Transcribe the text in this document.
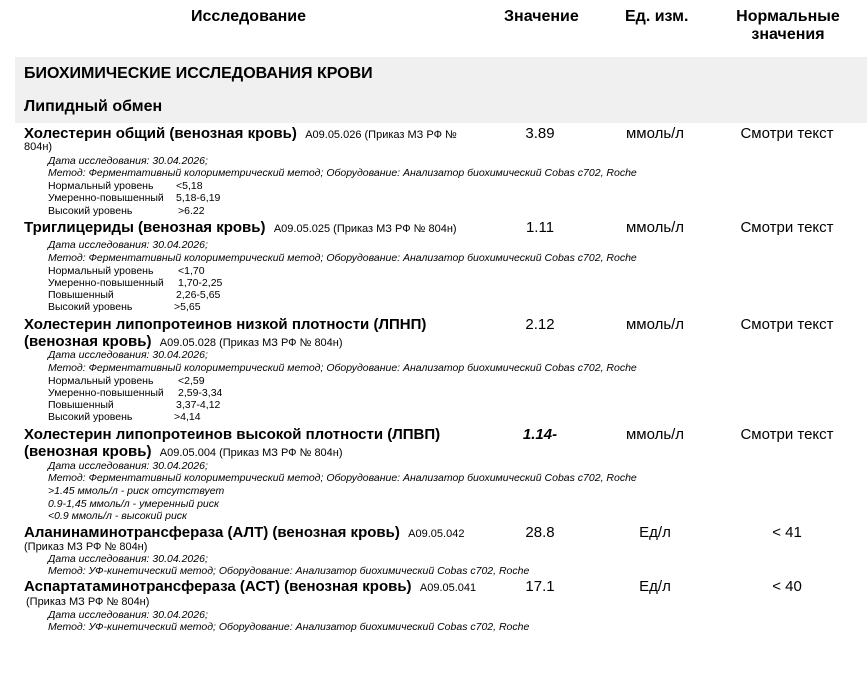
Исследование	Значение	Ед. изм.	Нормальные
значения
БИОХИМИЧЕСКИЕ ИССЛЕДОВАНИЯ КРОВИ
Липидный обмен
Холестерин общий (венозная кровь) A09.05.026 (Приказ МЗ РФ №
804н)
3.89	ммоль/л	Смотри текст
Дата исследования: 30.04.2026;
Метод: Ферментативный колориметрический метод; Оборудование: Анализатор биохимический Cobas c702, Roche
Нормальный уровень <5,18
Умеренно-повышенный 5,18-6,19
Высокий уровень	>6.22
Триглицериды (венозная кровь) A09.05.025 (Приказ МЗ РФ № 804н)	1.11	ммоль/л	Смотри текст
Дата исследования: 30.04.2026;
Метод: Ферментативный колориметрический метод; Оборудование: Анализатор биохимический Cobas c702, Roche
Нормальный уровень <1,70
Умеренно-повышенный 1,70-2,25
Повышенный	2,26-5,65
Высокий уровень	>5,65
Холестерин липопротеинов низкой плотности (ЛПНП)
(венозная кровь) A09.05.028 (Приказ МЗ РФ № 804н)
2.12	ммоль/л	Смотри текст
Дата исследования: 30.04.2026;
Метод: Ферментативный колориметрический метод; Оборудование: Анализатор биохимический Cobas c702, Roche
Нормальный уровень <2,59
Умеренно-повышенный 2,59-3,34
Повышенный	3,37-4,12
Высокий уровень	>4,14
Холестерин липопротеинов высокой плотности (ЛПВП)
(венозная кровь) A09.05.004 (Приказ МЗ РФ № 804н)
1.14-	ммоль/л	Смотри текст
Дата исследования: 30.04.2026;
Метод: Ферментативный колориметрический метод; Оборудование: Анализатор биохимический Cobas c702, Roche
>1.45 ммоль/л - риск отсутствует
0.9-1,45 ммоль/л - умеренный риск
<0.9 ммоль/л - высокий риск
Аланинаминотрансфераза (АЛТ) (венозная кровь) A09.05.042
(Приказ МЗ РФ № 804н)
28.8	Ед/л	< 41
Дата исследования: 30.04.2026;
Метод: УФ-кинетический метод; Оборудование: Анализатор биохимический Cobas c702, Roche
Аспартатаминотрансфераза (АСТ) (венозная кровь) A09.05.041
(Приказ МЗ РФ № 804н)
17.1	Ед/л	< 40
Дата исследования: 30.04.2026;
Метод: УФ-кинетический метод; Оборудование: Анализатор биохимический Cobas c702, Roche
